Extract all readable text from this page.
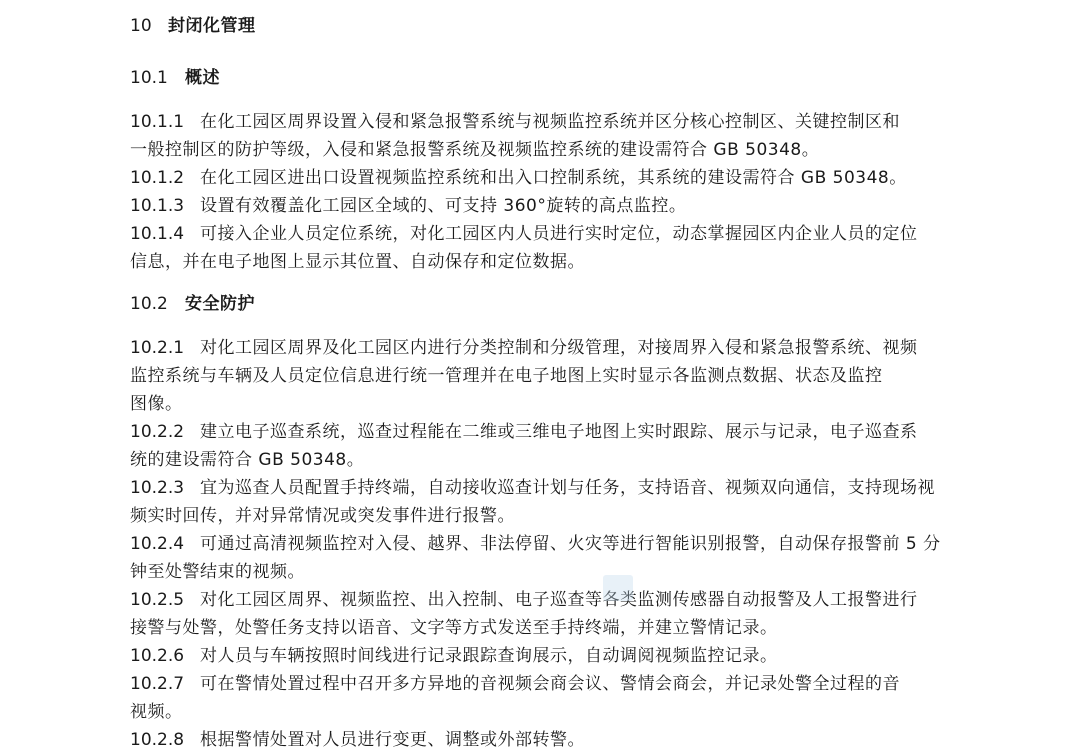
10 封闭化管理
10.1 概述
10.1.1 在化工园区周界设置入侵和紧急报警系统与视频监控系统并区分核心控制区、关键控制区和
一般控制区的防护等级，入侵和紧急报警系统及视频监控系统的建设需符合 GB 50348。
10.1.2 在化工园区进出口设置视频监控系统和出入口控制系统，其系统的建设需符合 GB 50348。
10.1.3 设置有效覆盖化工园区全域的、可支持 360°旋转的高点监控。
10.1.4 可接入企业人员定位系统，对化工园区内人员进行实时定位，动态掌握园区内企业人员的定位
信息，并在电子地图上显示其位置、自动保存和定位数据。
10.2 安全防护
10.2.1 对化工园区周界及化工园区内进行分类控制和分级管理，对接周界入侵和紧急报警系统、视频
监控系统与车辆及人员定位信息进行统一管理并在电子地图上实时显示各监测点数据、状态及监控
图像。
10.2.2 建立电子巡查系统，巡查过程能在二维或三维电子地图上实时跟踪、展示与记录，电子巡查系
统的建设需符合 GB 50348。
10.2.3 宜为巡查人员配置手持终端，自动接收巡查计划与任务，支持语音、视频双向通信，支持现场视
频实时回传，并对异常情况或突发事件进行报警。
10.2.4 可通过高清视频监控对入侵、越界、非法停留、火灾等进行智能识别报警，自动保存报警前 5 分
钟至处警结束的视频。
10.2.5 对化工园区周界、视频监控、出入控制、电子巡查等各类监测传感器自动报警及人工报警进行
接警与处警，处警任务支持以语音、文字等方式发送至手持终端，并建立警情记录。
10.2.6 对人员与车辆按照时间线进行记录跟踪查询展示，自动调阅视频监控记录。
10.2.7 可在警情处置过程中召开多方异地的音视频会商会议、警情会商会，并记录处警全过程的音
视频。
10.2.8 根据警情处置对人员进行变更、调整或外部转警。
